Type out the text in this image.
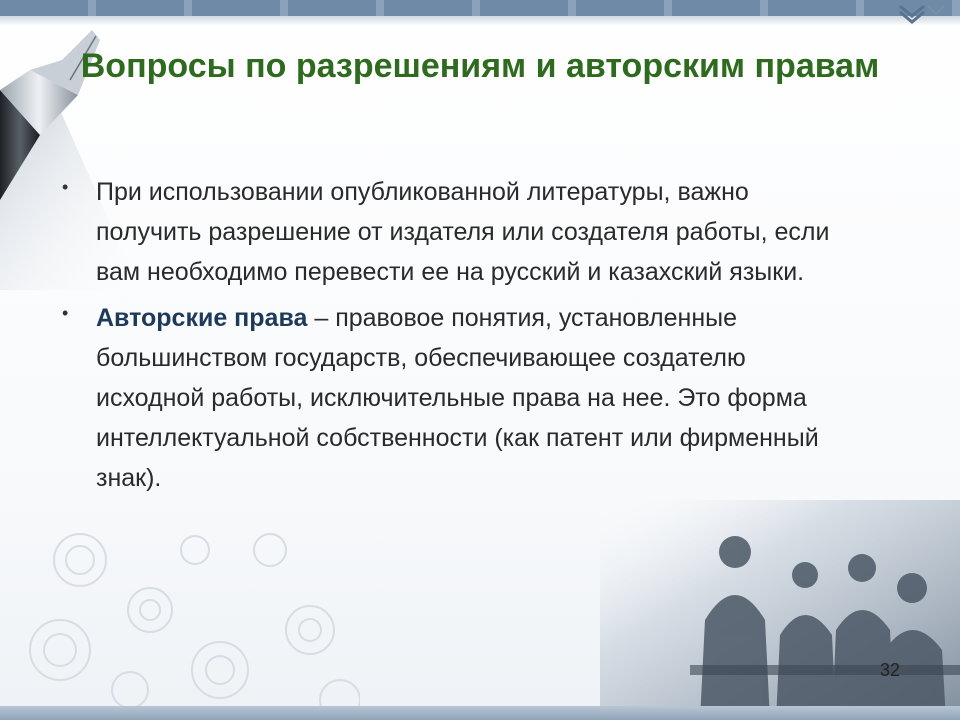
Вопросы по разрешениям и авторским правам

• При использовании опубликованной литературы, важно получить разрешение от издателя или создателя работы, если вам необходимо перевести ее на русский и казахский языки.

• Авторские права – правовое понятия, установленные большинством государств, обеспечивающее создателю исходной работы, исключительные права на нее. Это форма интеллектуальной собственности (как патент или фирменный знак).

32
